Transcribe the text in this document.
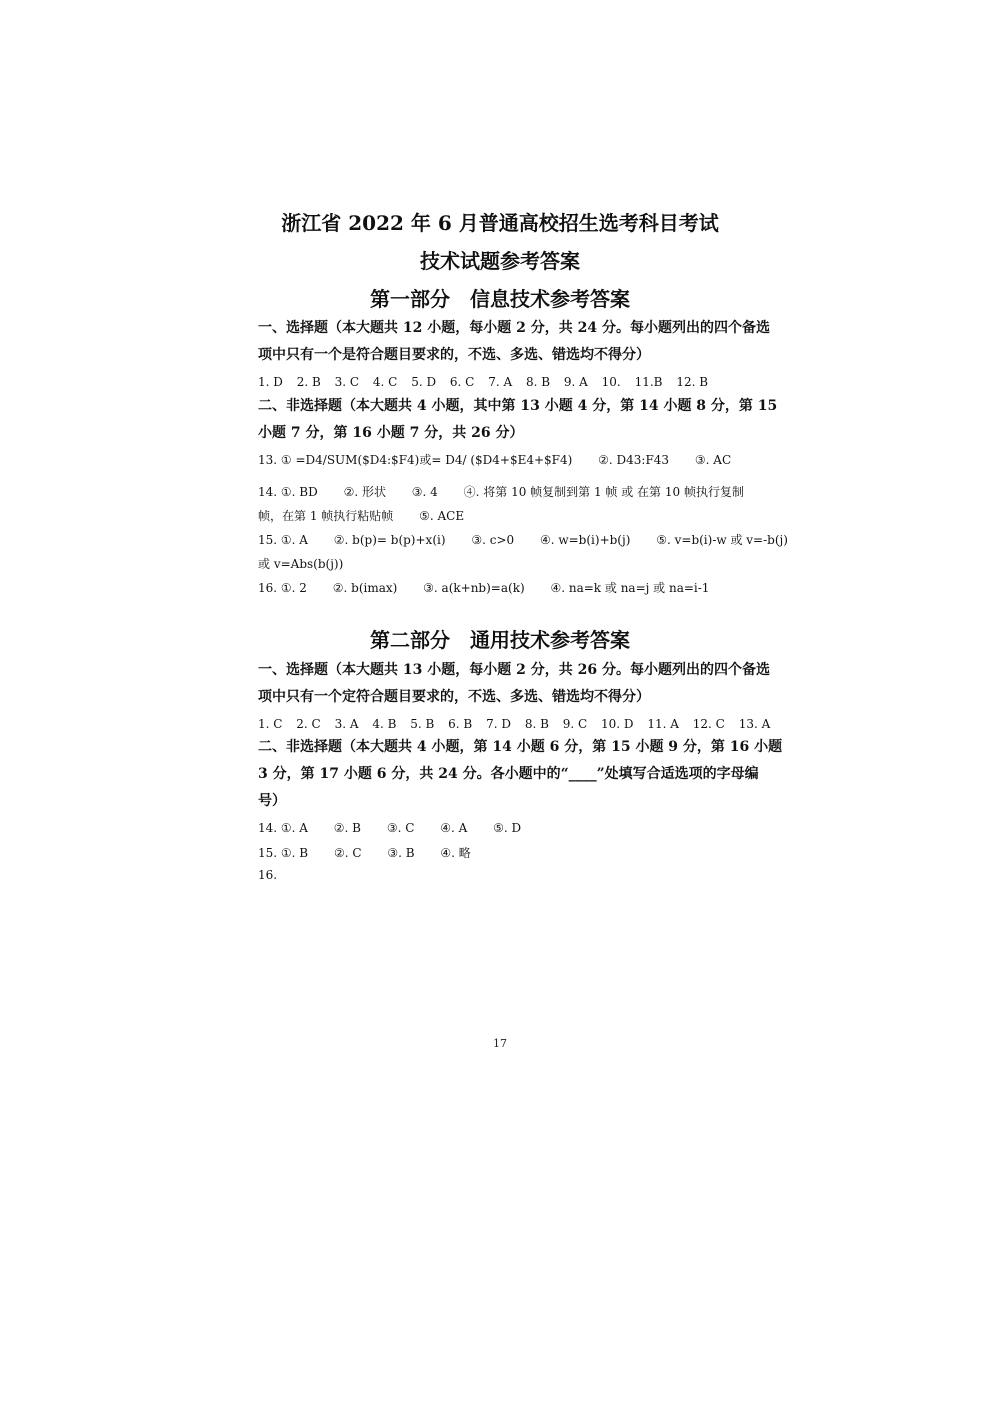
浙江省 2022 年 6 月普通高校招生选考科目考试
技术试题参考答案
第一部分　信息技术参考答案
一、选择题（本大题共 12 小题，每小题 2 分，共 24 分。每小题列出的四个备选
项中只有一个是符合题目要求的，不选、多选、错选均不得分）
1. D 2. B 3. C 4. C 5. D 6. C 7. A 8. B 9. A 10. 11.B 12. B
二、非选择题（本大题共 4 小题，其中第 13 小题 4 分，第 14 小题 8 分，第 15
小题 7 分，第 16 小题 7 分，共 26 分）
13. ① =D4/SUM($D4:$F4)或= D4/ ($D4+$E4+$F4) ②. D43:F43 ③. AC
14. ①. BD ②. 形状 ③. 4 ④. 将第 10 帧复制到第 1 帧 或 在第 10 帧执行复制
帧，在第 1 帧执行粘贴帧 ⑤. ACE
15. ①. A ②. b(p)= b(p)+x(i) ③. c>0 ④. w=b(i)+b(j) ⑤. v=b(i)-w 或 v=-b(j)
或 v=Abs(b(j))
16. ①. 2 ②. b(imax) ③. a(k+nb)=a(k) ④. na=k 或 na=j 或 na=i-1
第二部分　通用技术参考答案
一、选择题（本大题共 13 小题，每小题 2 分，共 26 分。每小题列出的四个备选
项中只有一个定符合题目要求的，不选、多选、错选均不得分）
1. C 2. C 3. A 4. B 5. B 6. B 7. D 8. B 9. C 10. D 11. A 12. C 13. A
二、非选择题（本大题共 4 小题，第 14 小题 6 分，第 15 小题 9 分，第 16 小题
3 分，第 17 小题 6 分，共 24 分。各小题中的“____”处填写合适选项的字母编
号）
14. ①. A ②. B ③. C ④. A ⑤. D
15. ①. B ②. C ③. B ④. 略
16.
17
